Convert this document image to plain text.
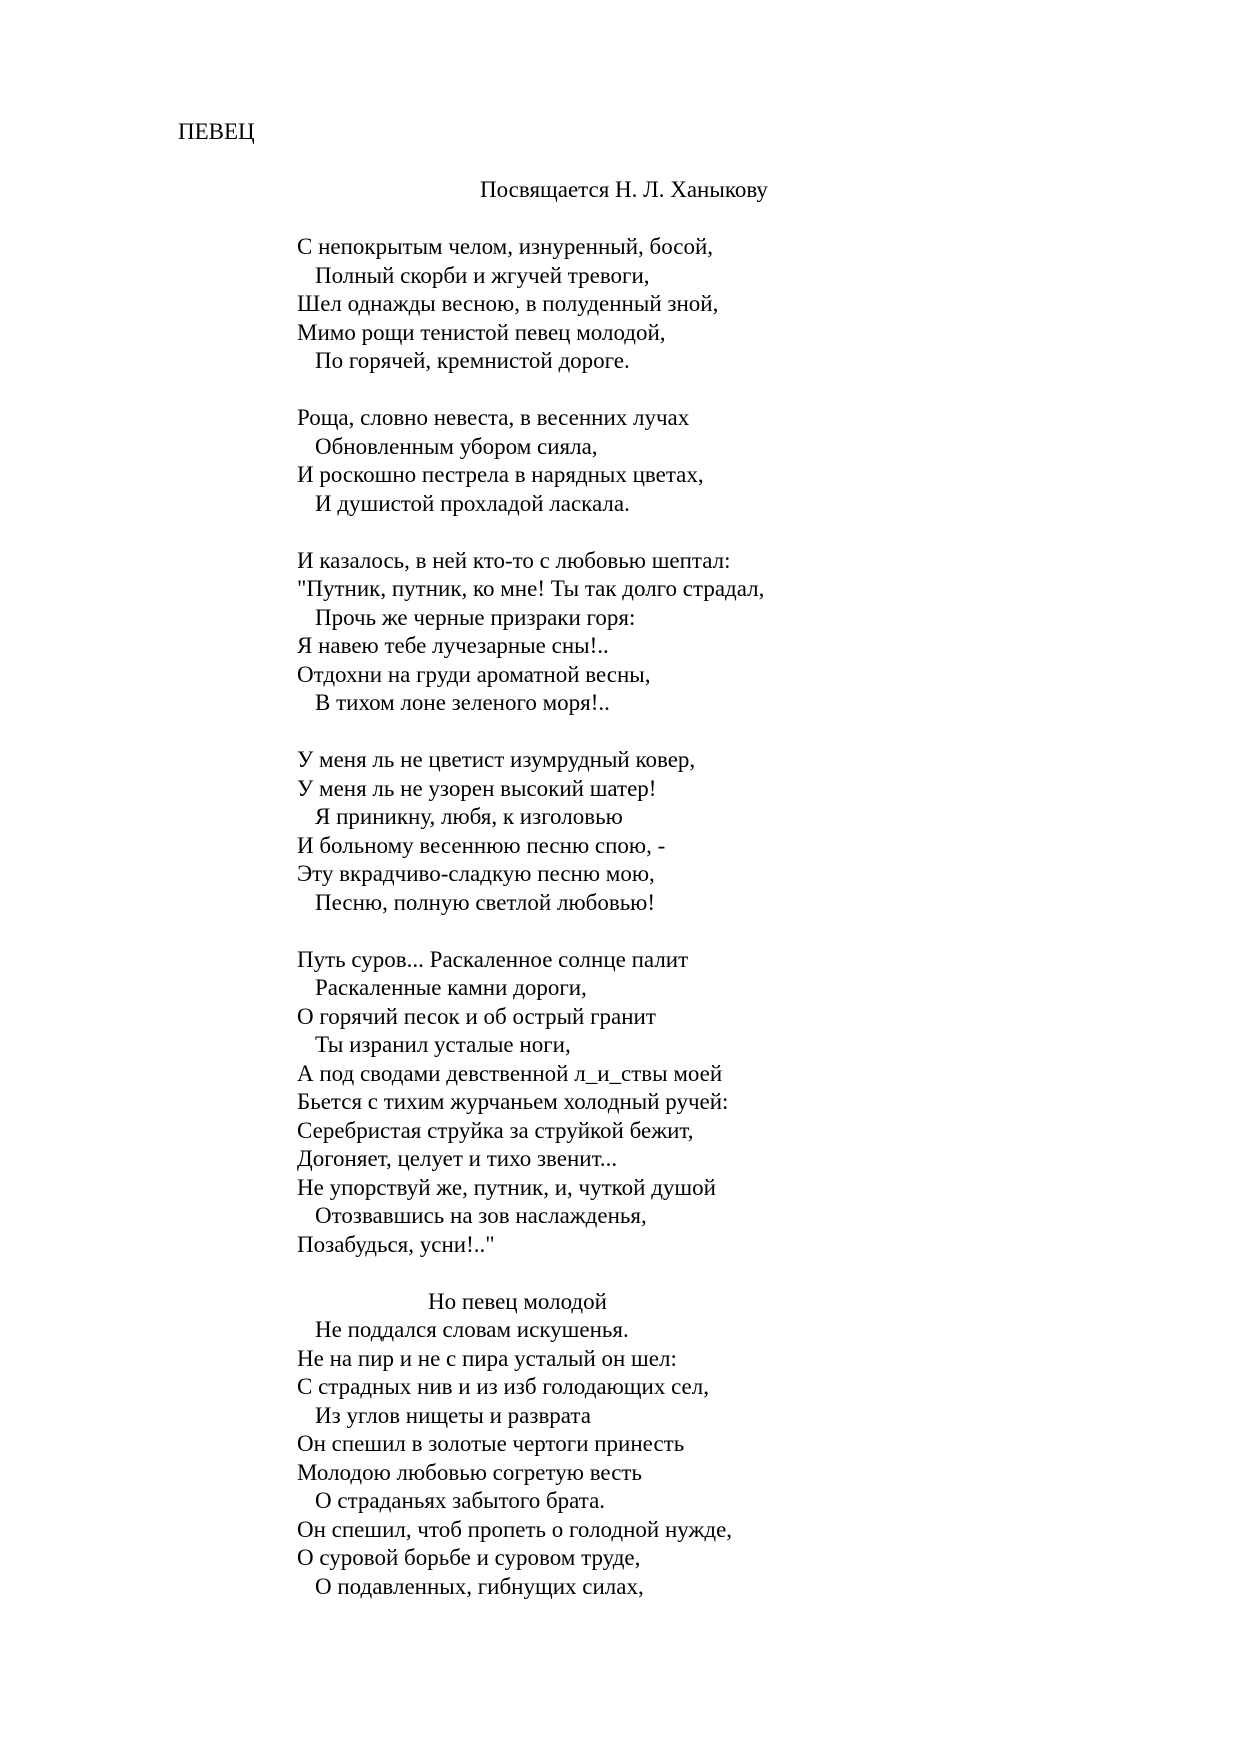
ПЕВЕЦ
Посвящается Н. Л. Ханыкову
С непокрытым челом, изнуренный, босой,
Полный скорби и жгучей тревоги,
Шел однажды весною, в полуденный зной,
Мимо рощи тенистой певец молодой,
По горячей, кремнистой дороге.
Роща, словно невеста, в весенних лучах
Обновленным убором сияла,
И роскошно пестрела в нарядных цветах,
И душистой прохладой ласкала.
И казалось, в ней кто-то с любовью шептал:
"Путник, путник, ко мне! Ты так долго страдал,
Прочь же черные призраки горя:
Я навею тебе лучезарные сны!..
Отдохни на груди ароматной весны,
В тихом лоне зеленого моря!..
У меня ль не цветист изумрудный ковер,
У меня ль не узорен высокий шатер!
Я приникну, любя, к изголовью
И больному весеннюю песню спою, -
Эту вкрадчиво-сладкую песню мою,
Песню, полную светлой любовью!
Путь суров... Раскаленное солнце палит
Раскаленные камни дороги,
О горячий песок и об острый гранит
Ты изранил усталые ноги,
А под сводами девственной л_и_ствы моей
Бьется с тихим журчаньем холодный ручей:
Серебристая струйка за струйкой бежит,
Догоняет, целует и тихо звенит...
Не упорствуй же, путник, и, чуткой душой
Отозвавшись на зов наслажденья,
Позабудься, усни!.."
Но певец молодой
Не поддался словам искушенья.
Не на пир и не с пира усталый он шел:
С страдных нив и из изб голодающих сел,
Из углов нищеты и разврата
Он спешил в золотые чертоги принесть
Молодою любовью согретую весть
О страданьях забытого брата.
Он спешил, чтоб пропеть о голодной нужде,
О суровой борьбе и суровом труде,
О подавленных, гибнущих силах,
